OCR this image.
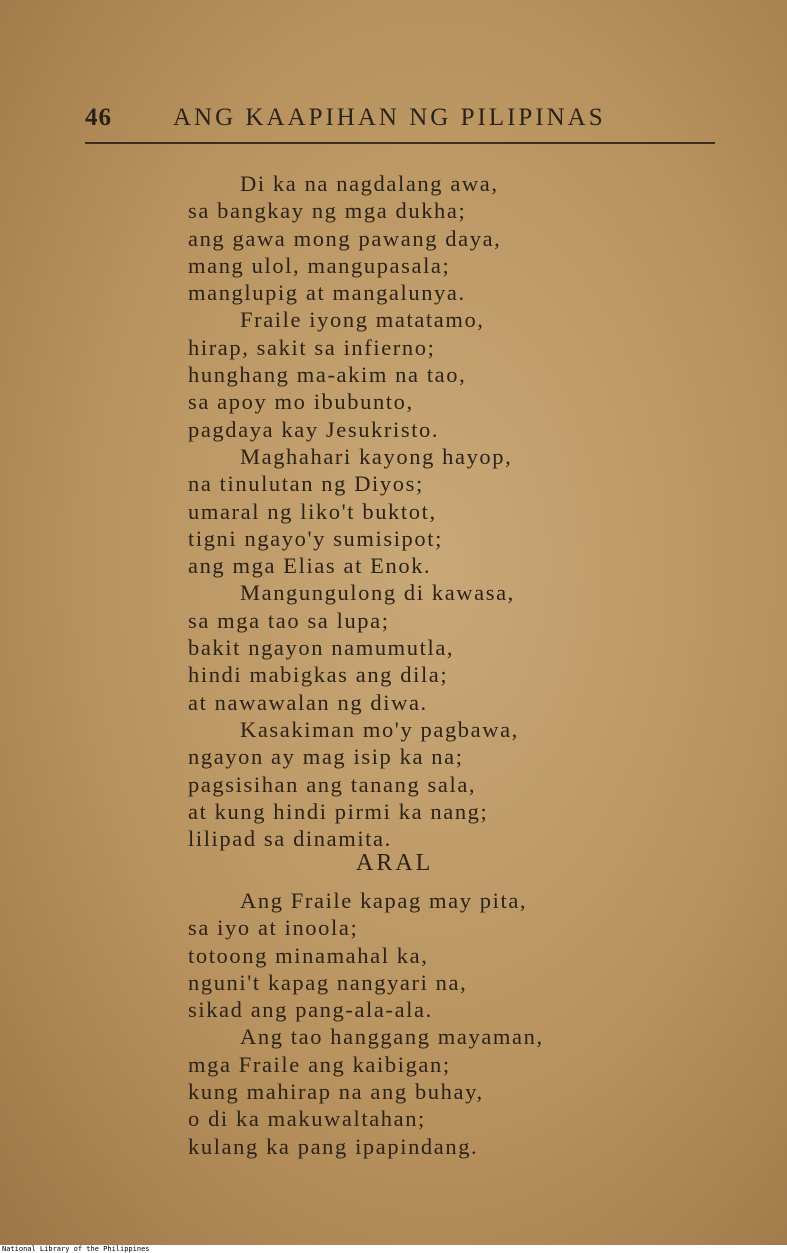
46 ANG KAAPIHAN NG PILIPINAS
Di ka na nagdalang awa,
sa bangkay ng mga dukha;
ang gawa mong pawang daya,
mang ulol, mangupasala;
manglupig at mangalunya.
Fraile iyong matatamo,
hirap, sakit sa infierno;
hunghang ma-akim na tao,
sa apoy mo ibubunto,
pagdaya kay Jesukristo.
Maghahari kayong hayop,
na tinulutan ng Diyos;
umaral ng liko't buktot,
tigni ngayo'y sumisipot;
ang mga Elias at Enok.
Mangungulong di kawasa,
sa mga tao sa lupa;
bakit ngayon namumutla,
hindi mabigkas ang dila;
at nawawalan ng diwa.
Kasakiman mo'y pagbawa,
ngayon ay mag isip ka na;
pagsisihan ang tanang sala,
at kung hindi pirmi ka nang;
lilipad sa dinamita.
ARAL
Ang Fraile kapag may pita,
sa iyo at inoola;
totoong minamahal ka,
nguni't kapag nangyari na,
sikad ang pang-ala-ala.
Ang tao hanggang mayaman,
mga Fraile ang kaibigan;
kung mahirap na ang buhay,
o di ka makuwaltahan;
kulang ka pang ipapindang.
National Library of the Philippines
